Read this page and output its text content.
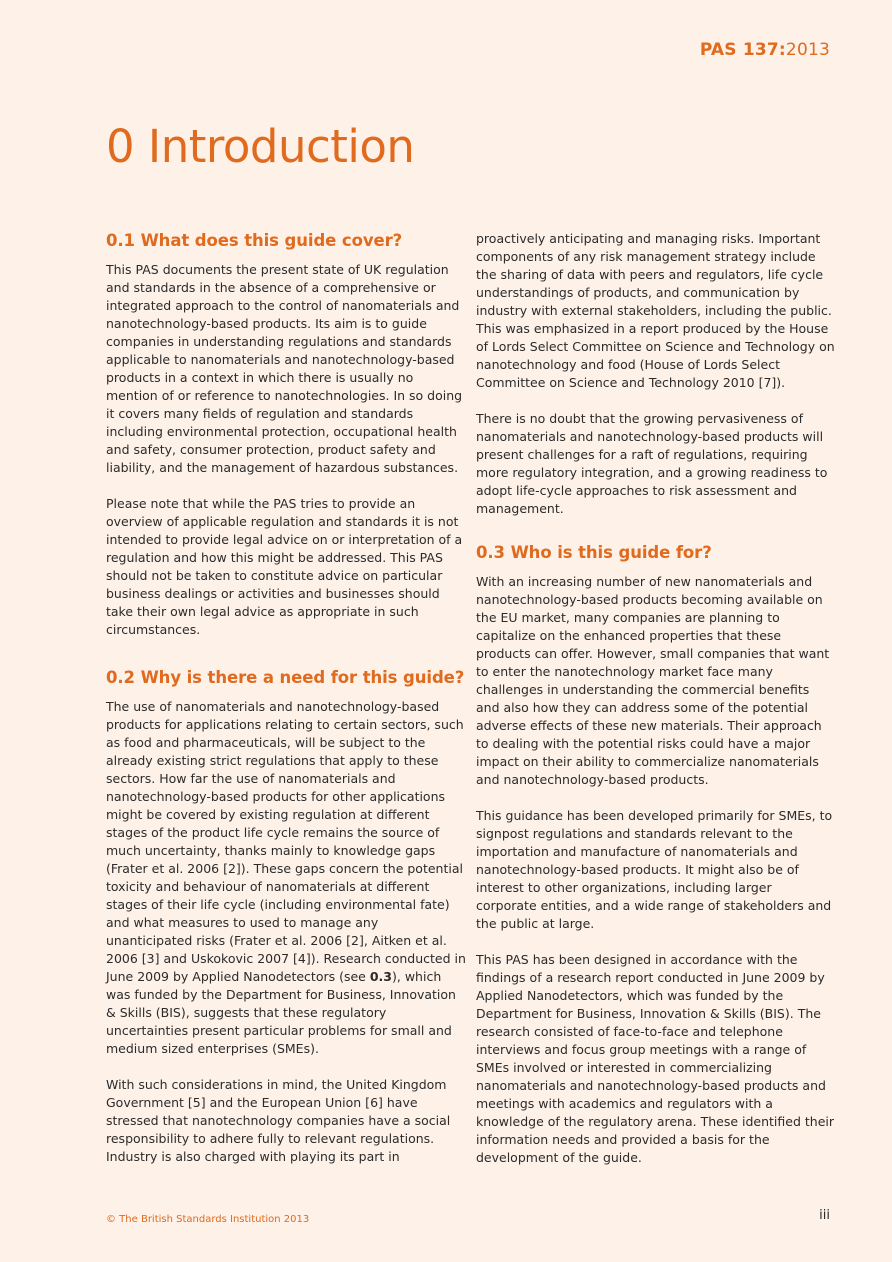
PAS 137:2013
0 Introduction
0.1 What does this guide cover?

This PAS documents the present state of UK regulation and standards in the absence of a comprehensive or integrated approach to the control of nanomaterials and nanotechnology-based products. Its aim is to guide companies in understanding regulations and standards applicable to nanomaterials and nanotechnology-based products in a context in which there is usually no mention of or reference to nanotechnologies. In so doing it covers many fields of regulation and standards including environmental protection, occupational health and safety, consumer protection, product safety and liability, and the management of hazardous substances.

Please note that while the PAS tries to provide an overview of applicable regulation and standards it is not intended to provide legal advice on or interpretation of a regulation and how this might be addressed. This PAS should not be taken to constitute advice on particular business dealings or activities and businesses should take their own legal advice as appropriate in such circumstances.

0.2 Why is there a need for this guide?

The use of nanomaterials and nanotechnology-based products for applications relating to certain sectors, such as food and pharmaceuticals, will be subject to the already existing strict regulations that apply to these sectors. How far the use of nanomaterials and nanotechnology-based products for other applications might be covered by existing regulation at different stages of the product life cycle remains the source of much uncertainty, thanks mainly to knowledge gaps (Frater et al. 2006 [2]). These gaps concern the potential toxicity and behaviour of nanomaterials at different stages of their life cycle (including environmental fate) and what measures to used to manage any unanticipated risks (Frater et al. 2006 [2], Aitken et al. 2006 [3] and Uskokovic 2007 [4]). Research conducted in June 2009 by Applied Nanodetectors (see 0.3), which was funded by the Department for Business, Innovation & Skills (BIS), suggests that these regulatory uncertainties present particular problems for small and medium sized enterprises (SMEs).

With such considerations in mind, the United Kingdom Government [5] and the European Union [6] have stressed that nanotechnology companies have a social responsibility to adhere fully to relevant regulations. Industry is also charged with playing its part in

proactively anticipating and managing risks. Important components of any risk management strategy include the sharing of data with peers and regulators, life cycle understandings of products, and communication by industry with external stakeholders, including the public. This was emphasized in a report produced by the House of Lords Select Committee on Science and Technology on nanotechnology and food (House of Lords Select Committee on Science and Technology 2010 [7]).

There is no doubt that the growing pervasiveness of nanomaterials and nanotechnology-based products will present challenges for a raft of regulations, requiring more regulatory integration, and a growing readiness to adopt life-cycle approaches to risk assessment and management.

0.3 Who is this guide for?

With an increasing number of new nanomaterials and nanotechnology-based products becoming available on the EU market, many companies are planning to capitalize on the enhanced properties that these products can offer. However, small companies that want to enter the nanotechnology market face many challenges in understanding the commercial benefits and also how they can address some of the potential adverse effects of these new materials. Their approach to dealing with the potential risks could have a major impact on their ability to commercialize nanomaterials and nanotechnology-based products.

This guidance has been developed primarily for SMEs, to signpost regulations and standards relevant to the importation and manufacture of nanomaterials and nanotechnology-based products. It might also be of interest to other organizations, including larger corporate entities, and a wide range of stakeholders and the public at large.

This PAS has been designed in accordance with the findings of a research report conducted in June 2009 by Applied Nanodetectors, which was funded by the Department for Business, Innovation & Skills (BIS). The research consisted of face-to-face and telephone interviews and focus group meetings with a range of SMEs involved or interested in commercializing nanomaterials and nanotechnology-based products and meetings with academics and regulators with a knowledge of the regulatory arena. These identified their information needs and provided a basis for the development of the guide.

© The British Standards Institution 2013	iii
